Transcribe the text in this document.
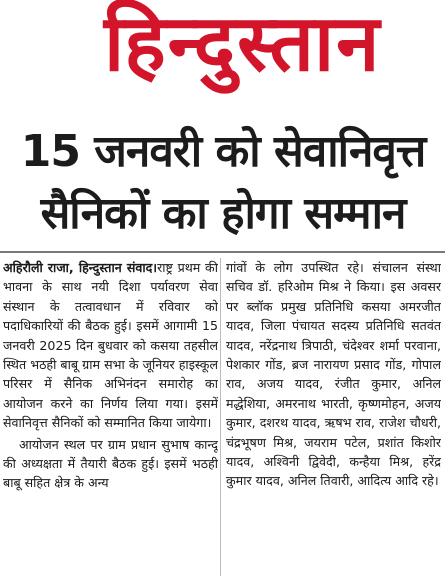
हिन्दुस्तान
15 जनवरी को सेवानिवृत्त
सैनिकों का होगा सम्मान

अहिरौली राजा, हिन्दुस्तान संवाद।राष्ट्र प्रथम की भावना के साथ नयी दिशा पर्यावरण सेवा संस्थान के तत्वावधान में रविवार को पदाधिकारियों की बैठक हुई। इसमें आगामी 15 जनवरी 2025 दिन बुधवार को कसया तहसील स्थित भठही बाबू ग्राम सभा के जूनियर हाइस्कूल परिसर में सैनिक अभिनंदन समारोह का आयोजन करने का निर्णय लिया गया। इसमें सेवानिवृत्त सैनिकों को सम्मानित किया जायेगा।

आयोजन स्थल पर ग्राम प्रधान सुभाष कान्दू की अध्यक्षता में तैयारी बैठक हुई। इसमें भठही बाबू सहित क्षेत्र के अन्य

गांवों के लोग उपस्थित रहे। संचालन संस्था सचिव डॉ. हरिओम मिश्र ने किया। इस अवसर पर ब्लॉक प्रमुख प्रतिनिधि कसया अमरजीत यादव, जिला पंचायत सदस्य प्रतिनिधि सतवंत यादव, नरेंद्रनाथ त्रिपाठी, चंदेश्वर शर्मा परवाना, पेशकार गोंड, ब्रज नारायण प्रसाद गोंड, गोपाल राव, अजय यादव, रंजीत कुमार, अनिल मद्धेशिया, अमरनाथ भारती, कृष्णमोहन, अजय कुमार, दशरथ यादव, ऋषभ राव, राजेश चौधरी, चंद्रभूषण मिश्र, जयराम पटेल, प्रशांत किशोर यादव, अश्विनी द्विवेदी, कन्हैया मिश्र, हरेंद्र कुमार यादव, अनिल तिवारी, आदित्य आदि रहे।
